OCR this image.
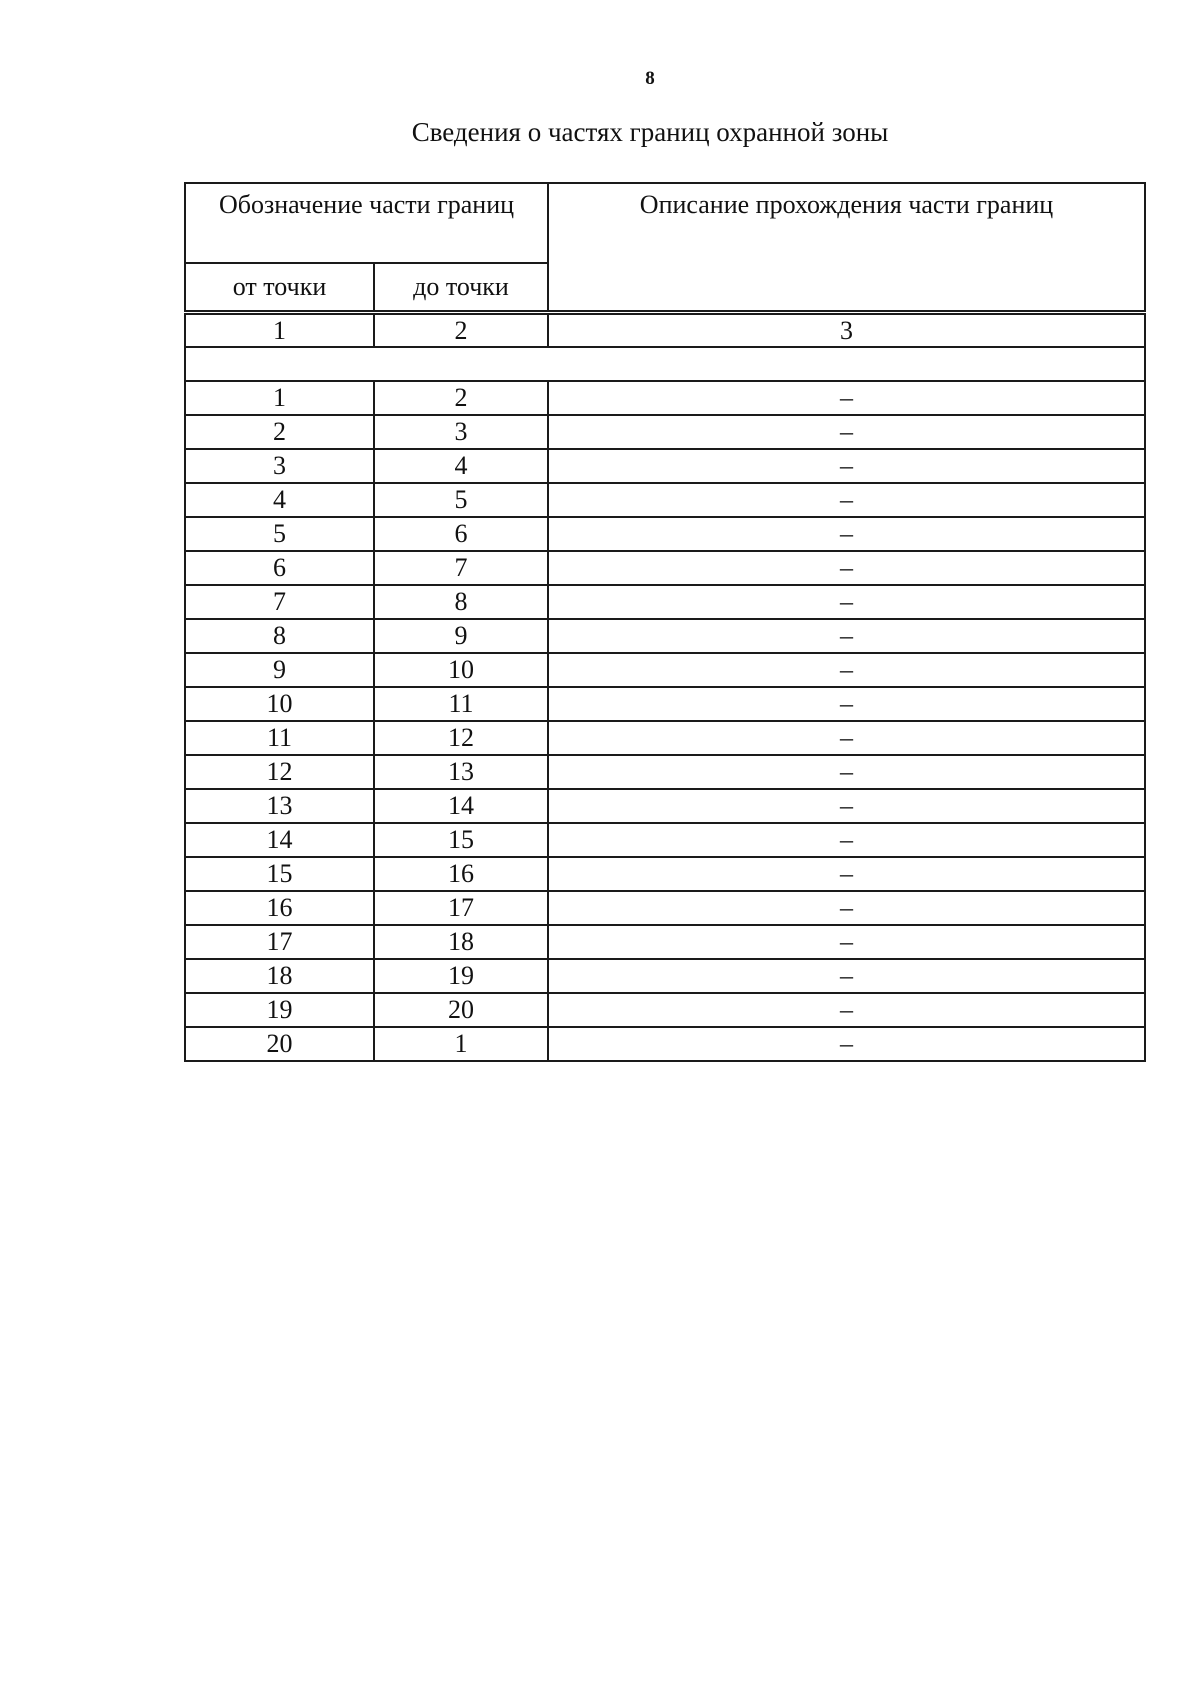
8
Сведения о частях границ охранной зоны
Обозначение части границ		Описание прохождения части границ
от точки	до точки	

1	2	3

1	2	–
2	3	–
3	4	–
4	5	–
5	6	–
6	7	–
7	8	–
8	9	–
9	10	–
10	11	–
11	12	–
12	13	–
13	14	–
14	15	–
15	16	–
16	17	–
17	18	–
18	19	–
19	20	–
20	1	–
